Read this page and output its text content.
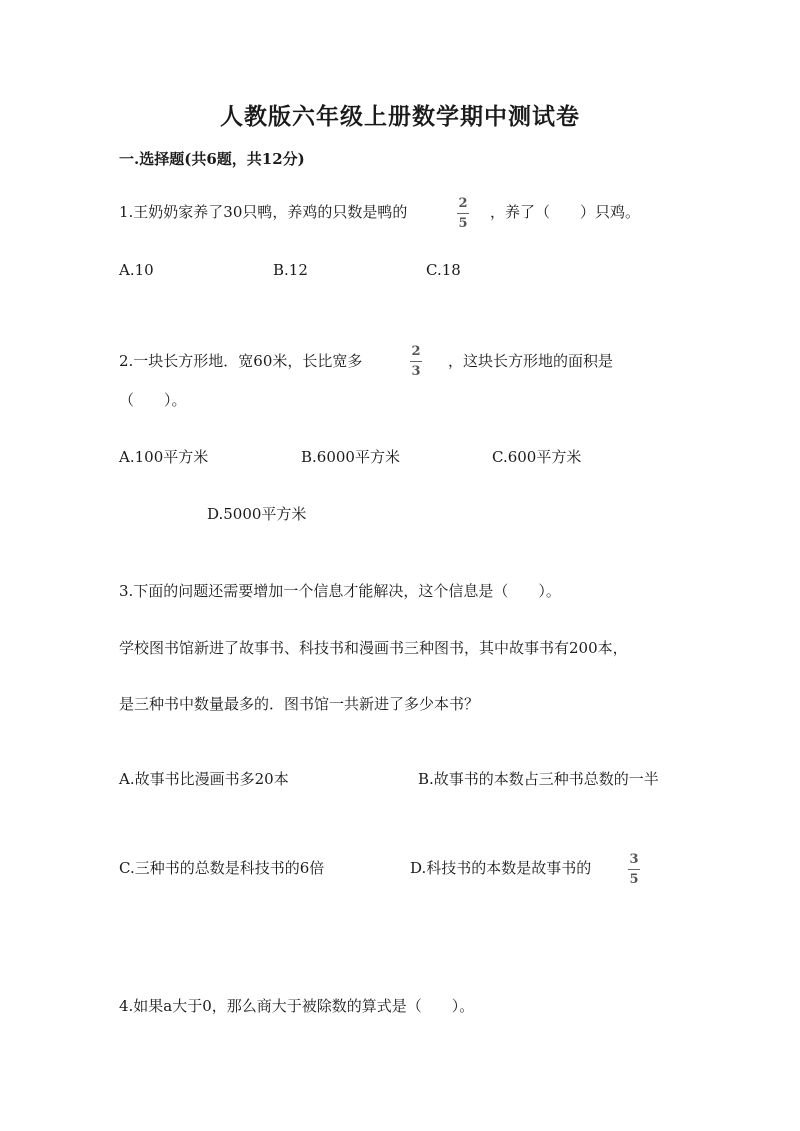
人教版六年级上册数学期中测试卷
一.选择题(共6题，共12分)
1.王奶奶家养了30只鸭，养鸡的只数是鸭的	2
5
，养了（　　）只鸡。
A.10	B.12	C.18
2.一块长方形地．宽60米，长比宽多
2
3
，这块长方形地的面积是
（　　）。
A.100平方米	B.6000平方米	C.600平方米
D.5000平方米
3.下面的问题还需要增加一个信息才能解决，这个信息是（　　）。
学校图书馆新进了故事书、科技书和漫画书三种图书，其中故事书有200本，
是三种书中数量最多的．图书馆一共新进了多少本书？
A.故事书比漫画书多20本	B.故事书的本数占三种书总数的一半
C.三种书的总数是科技书的6倍	D.科技书的本数是故事书的	3
5
4.如果a大于0，那么商大于被除数的算式是（　　）。
